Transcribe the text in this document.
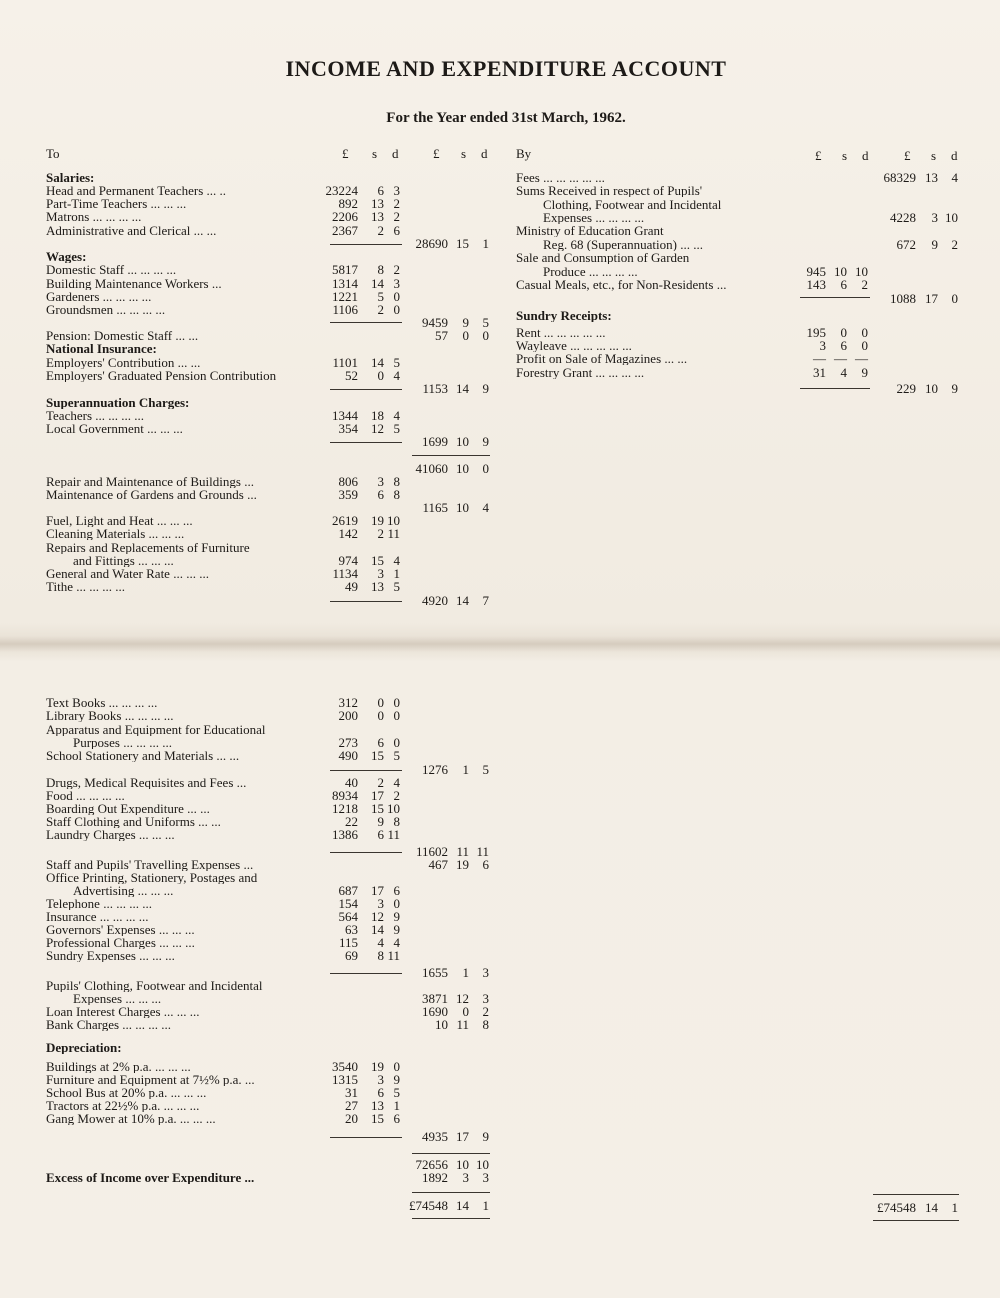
INCOME AND EXPENDITURE ACCOUNT
For the Year ended 31st March, 1962.
To	£ s d	£ s d By	£ s d	£ s d
Salaries:
Head and Permanent Teachers ... ..	23224 6 3
Part-Time Teachers ... ... ...	892 13 2
Matrons ... ... ... ...	2206 13 2
Administrative and Clerical ... ...	2367 2 6
28690 15 1
Wages:
Domestic Staff ... ... ... ...	5817 8 2
Building Maintenance Workers ...	1314 14 3
Gardeners ... ... ... ...	1221 5 0
Groundsmen ... ... ... ...	1106 2 0
9459 9 5
Pension: Domestic Staff ... ...	57 0 0
National Insurance:
Employers' Contribution ... ...	1101 14 5
Employers' Graduated Pension Contribution	52 0 4
1153 14 9
Superannuation Charges:
Teachers ... ... ... ...	1344 18 4
Local Government ... ... ...	354 12 5
1699 10 9
41060 10 0
Repair and Maintenance of Buildings ...	806 3 8
Maintenance of Gardens and Grounds ...	359 6 8
1165 10 4
Fuel, Light and Heat ... ... ...	2619 19 10
Cleaning Materials ... ... ...	142 2 11
Repairs and Replacements of Furniture
and Fittings ... ... ...	974 15 4
General and Water Rate ... ... ...	1134 3 1
Tithe ... ... ... ...	49 13 5
4920 14 7
Text Books ... ... ... ...	312 0 0
Library Books ... ... ... ...	200 0 0
Apparatus and Equipment for Educational
Purposes ... ... ... ...	273 6 0
School Stationery and Materials ... ...	490 15 5
1276 1 5
Drugs, Medical Requisites and Fees ...	40 2 4
Food ... ... ... ...	8934 17 2
Boarding Out Expenditure ... ...	1218 15 10
Staff Clothing and Uniforms ... ...	22 9 8
Laundry Charges ... ... ...	1386 6 11
11602 11 11
Staff and Pupils' Travelling Expenses ...	467 19 6
Office Printing, Stationery, Postages and
Advertising ... ... ...	687 17 6
Telephone ... ... ... ...	154 3 0
Insurance ... ... ... ...	564 12 9
Governors' Expenses ... ... ...	63 14 9
Professional Charges ... ... ...	115 4 4
Sundry Expenses ... ... ...	69 8 11
1655 1 3
Pupils' Clothing, Footwear and Incidental
Expenses ... ... ...	3871 12 3
Loan Interest Charges ... ... ...	1690 0 2
Bank Charges ... ... ... ...	10 11 8
Depreciation:
Buildings at 2% p.a. ... ... ...	3540 19 0
Furniture and Equipment at 7½% p.a. ...	1315 3 9
School Bus at 20% p.a. ... ... ...	31 6 5
Tractors at 22½% p.a. ... ... ...	27 13 1
Gang Mower at 10% p.a. ... ... ...	20 15 6
4935 17 9
72656 10 10
Excess of Income over Expenditure ...	1892 3 3
£74548 14 1
Fees ... ... ... ... ...	68329 13 4
Sums Received in respect of Pupils'
Clothing, Footwear and Incidental
Expenses ... ... ... ...	4228 3 10
Ministry of Education Grant
Reg. 68 (Superannuation) ... ...	672 9 2
Sale and Consumption of Garden
Produce ... ... ... ...	945 10 10
Casual Meals, etc., for Non-Residents ...	143 6 2
1088 17 0
Sundry Receipts:
Rent ... ... ... ... ...	195 0 0
Wayleave ... ... ... ... ...	3 6 0
Profit on Sale of Magazines ... ...	— — —
Forestry Grant ... ... ... ...	31 4 9
229 10 9
£74548 14 1
